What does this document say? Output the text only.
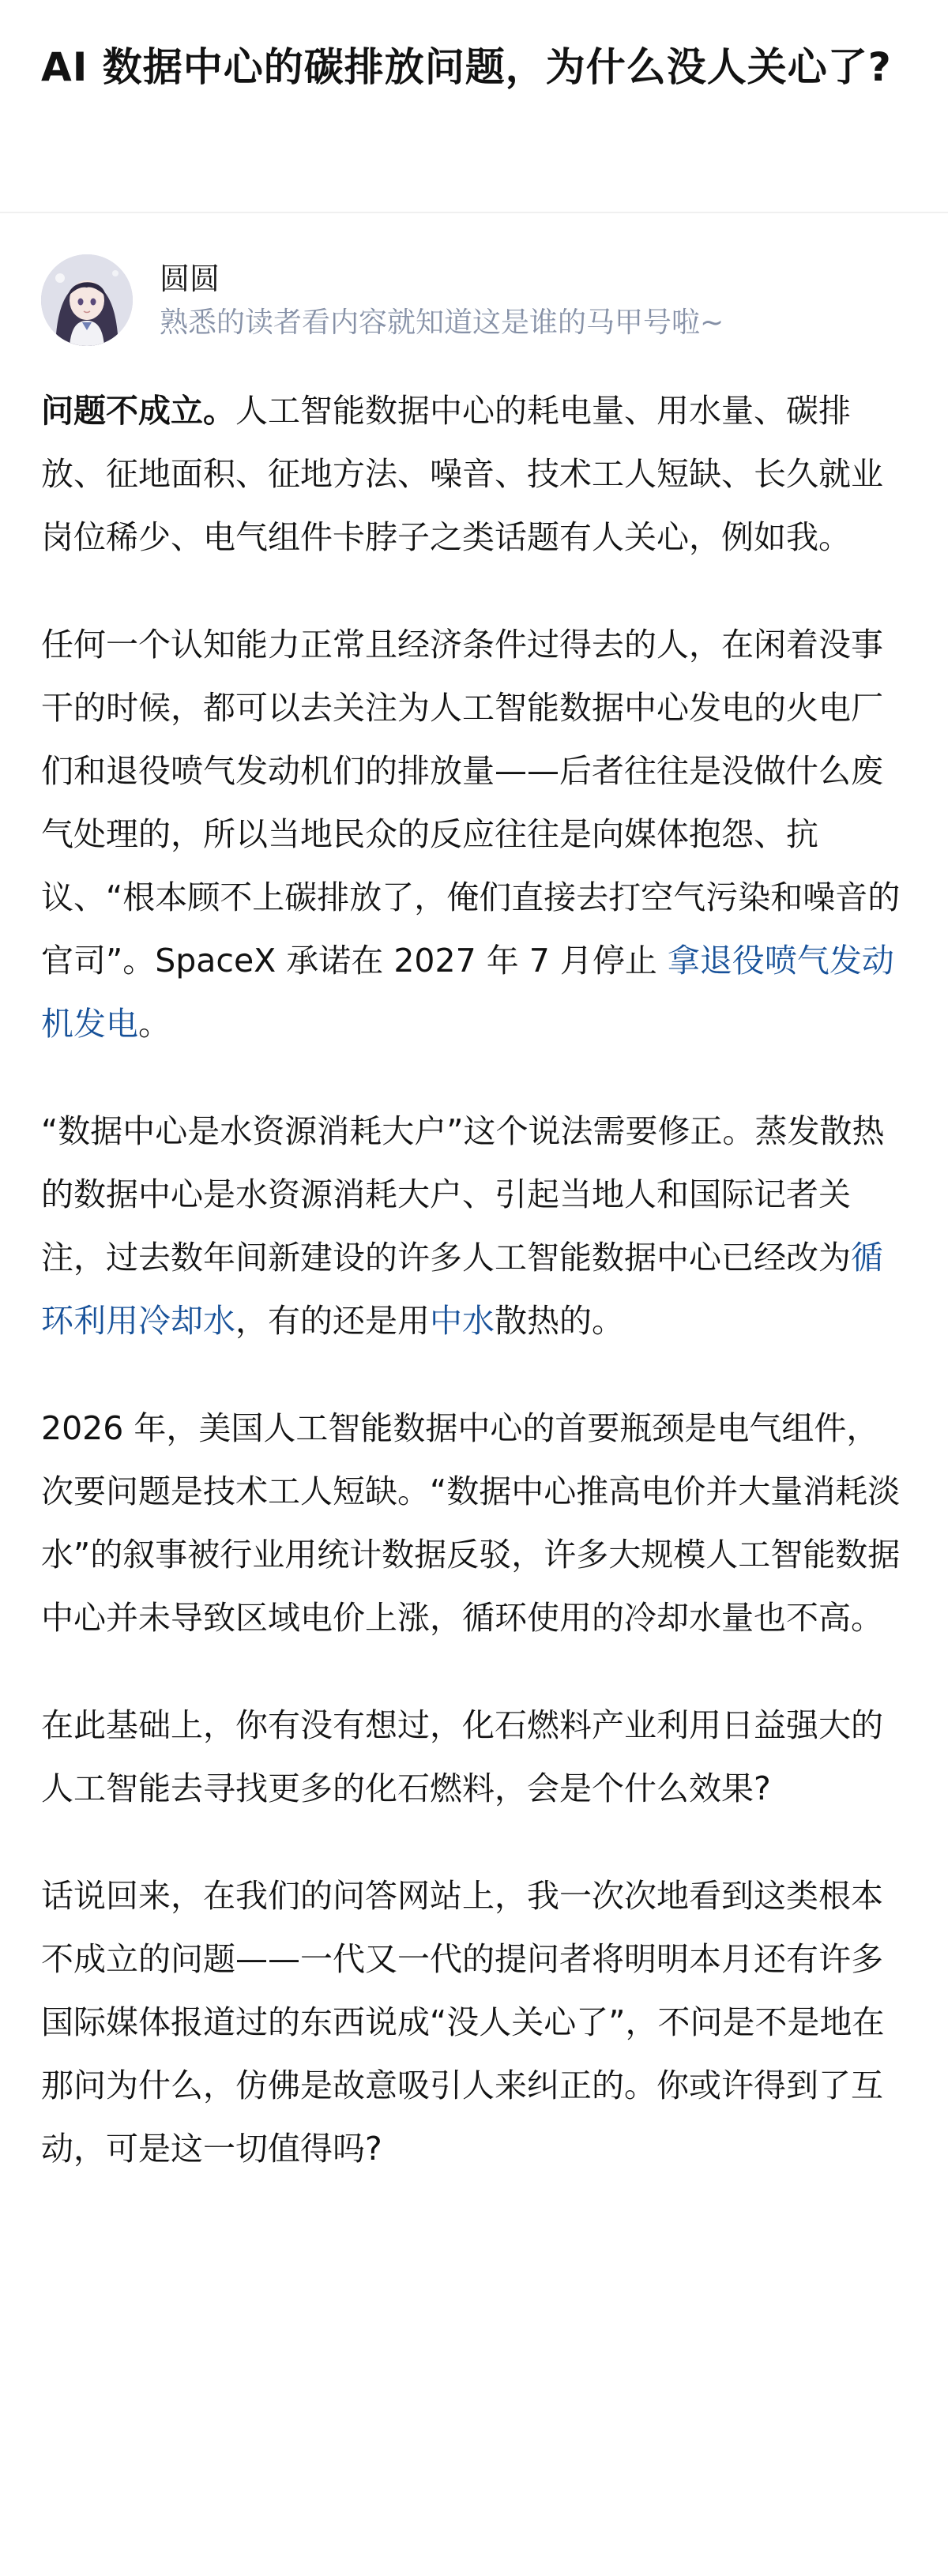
AI 数据中心的碳排放问题，为什么没人关心了?
圆圆
熟悉的读者看内容就知道这是谁的马甲号啦~

问题不成立。人工智能数据中心的耗电量、用水量、碳排放、征地面积、征地方法、噪音、技术工人短缺、长久就业岗位稀少、电气组件卡脖子之类话题有人关心，例如我。

任何一个认知能力正常且经济条件过得去的人，在闲着没事干的时候，都可以去关注为人工智能数据中心发电的火电厂们和退役喷气发动机们的排放量——后者往往是没做什么废气处理的，所以当地民众的反应往往是向媒体抱怨、抗议、“根本顾不上碳排放了，俺们直接去打空气污染和噪音的官司”。SpaceX 承诺在 2027 年 7 月停止 拿退役喷气发动机发电。

“数据中心是水资源消耗大户”这个说法需要修正。蒸发散热的数据中心是水资源消耗大户、引起当地人和国际记者关注，过去数年间新建设的许多人工智能数据中心已经改为循环利用冷却水，有的还是用中水散热的。

2026 年，美国人工智能数据中心的首要瓶颈是电气组件，次要问题是技术工人短缺。“数据中心推高电价并大量消耗淡水”的叙事被行业用统计数据反驳，许多大规模人工智能数据中心并未导致区域电价上涨，循环使用的冷却水量也不高。

在此基础上，你有没有想过，化石燃料产业利用日益强大的人工智能去寻找更多的化石燃料，会是个什么效果?

话说回来，在我们的问答网站上，我一次次地看到这类根本不成立的问题——一代又一代的提问者将明明本月还有许多国际媒体报道过的东西说成“没人关心了”，不问是不是地在那问为什么，仿佛是故意吸引人来纠正的。你或许得到了互动，可是这一切值得吗?
